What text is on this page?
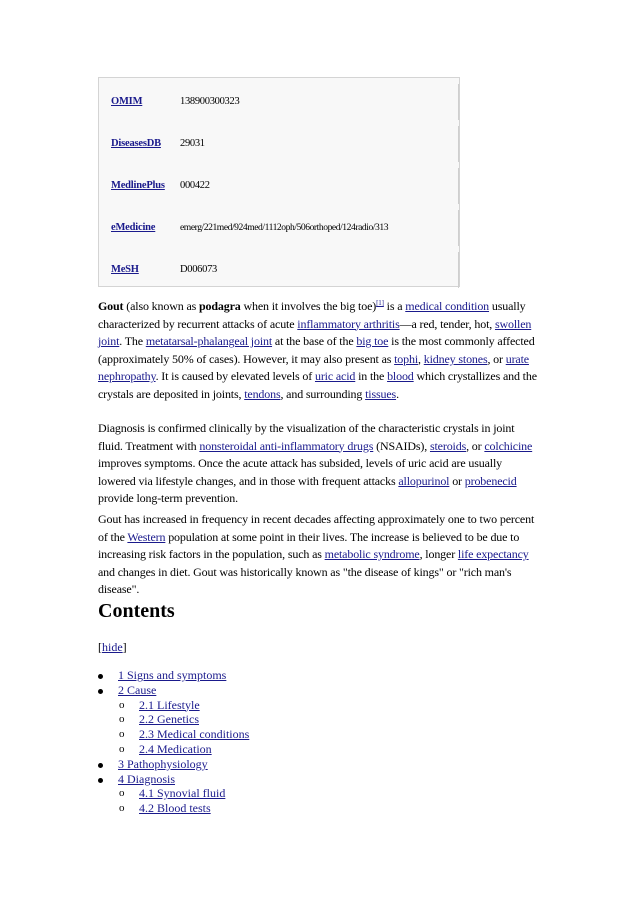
OMIM	138900300323
DiseasesDB 29031
MedlinePlus 000422
eMedicine	emerg/221med/924med/1112oph/506orthoped/124radio/313
MeSH	D006073

Gout (also known as podagra when it involves the big toe)[1] is a medical condition usually characterized by recurrent attacks of acute inflammatory arthritis—a red, tender, hot, swollen joint. The metatarsal-phalangeal joint at the base of the big toe is the most commonly affected (approximately 50% of cases). However, it may also present as tophi, kidney stones, or urate nephropathy. It is caused by elevated levels of uric acid in the blood which crystallizes and the crystals are deposited in joints, tendons, and surrounding tissues.

Diagnosis is confirmed clinically by the visualization of the characteristic crystals in joint fluid. Treatment with nonsteroidal anti-inflammatory drugs (NSAIDs), steroids, or colchicine improves symptoms. Once the acute attack has subsided, levels of uric acid are usually lowered via lifestyle changes, and in those with frequent attacks allopurinol or probenecid provide long-term prevention.

Gout has increased in frequency in recent decades affecting approximately one to two percent of the Western population at some point in their lives. The increase is believed to be due to increasing risk factors in the population, such as metabolic syndrome, longer life expectancy and changes in diet. Gout was historically known as "the disease of kings" or "rich man's disease".

Contents
[hide]
1 Signs and symptoms
2 Cause
o 2.1 Lifestyle
o 2.2 Genetics
o 2.3 Medical conditions
o 2.4 Medication
3 Pathophysiology
4 Diagnosis
o 4.1 Synovial fluid
o 4.2 Blood tests
